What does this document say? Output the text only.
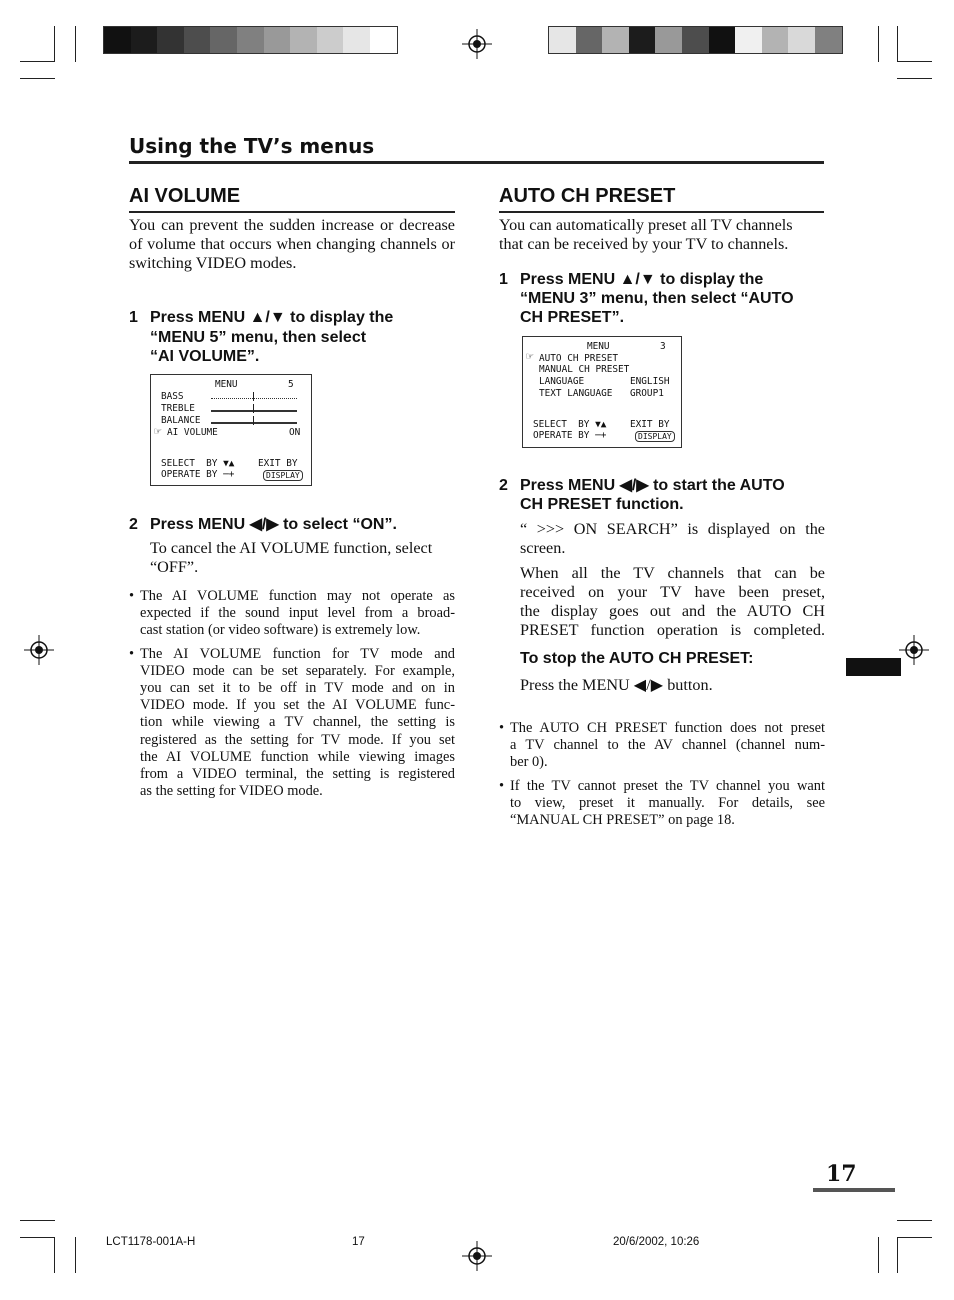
Using the TV’s menus
AI VOLUME
You can prevent the sudden increase or decrease of volume that occurs when changing channels or switching VIDEO modes.
1 Press MENU ▲/▼ to display the
“MENU 5” menu, then select
“AI VOLUME”.
MENU	5
BASS
TREBLE
BALANCE
☞ AI VOLUME	ON
SELECT  BY ▼▲	EXIT BY
OPERATE BY ─+	DISPLAY
2 Press MENU ◀/▶ to select “ON”.
To cancel the AI VOLUME function, select
“OFF”.
• The AI VOLUME function may not operate as
expected if the sound input level from a broad-
cast station (or video software) is extremely low.
• The AI VOLUME function for TV mode and
VIDEO mode can be set separately. For example,
you can set it to be off in TV mode and on in
VIDEO mode. If you set the AI VOLUME func-
tion while viewing a TV channel, the setting is
registered as the setting for TV mode. If you set
the AI VOLUME function while viewing images
from a VIDEO terminal, the setting is registered
as the setting for VIDEO mode.
AUTO CH PRESET
You can automatically preset all TV channels
that can be received by your TV to channels.
1 Press MENU ▲/▼ to display the
“MENU 3” menu, then select “AUTO
CH PRESET”.
MENU	3
☞ AUTO CH PRESET
MANUAL CH PRESET
LANGUAGE	ENGLISH
TEXT LANGUAGE GROUP1
SELECT  BY ▼▲	EXIT BY
OPERATE BY ─+	DISPLAY
2 Press MENU ◀/▶ to start the AUTO
CH PRESET function.
“ >>> ON SEARCH” is displayed on the
screen.
When all the TV channels that can be
received on your TV have been preset,
the display goes out and the AUTO CH
PRESET function operation is completed.
To stop the AUTO CH PRESET:
Press the MENU ◀/▶ button.
• The AUTO CH PRESET function does not preset
a TV channel to the AV channel (channel num-
ber 0).
• If the TV cannot preset the TV channel you want
to view, preset it manually. For details, see
“MANUAL CH PRESET” on page 18.
17
LCT1178-001A-H	17	20/6/2002, 10:26
